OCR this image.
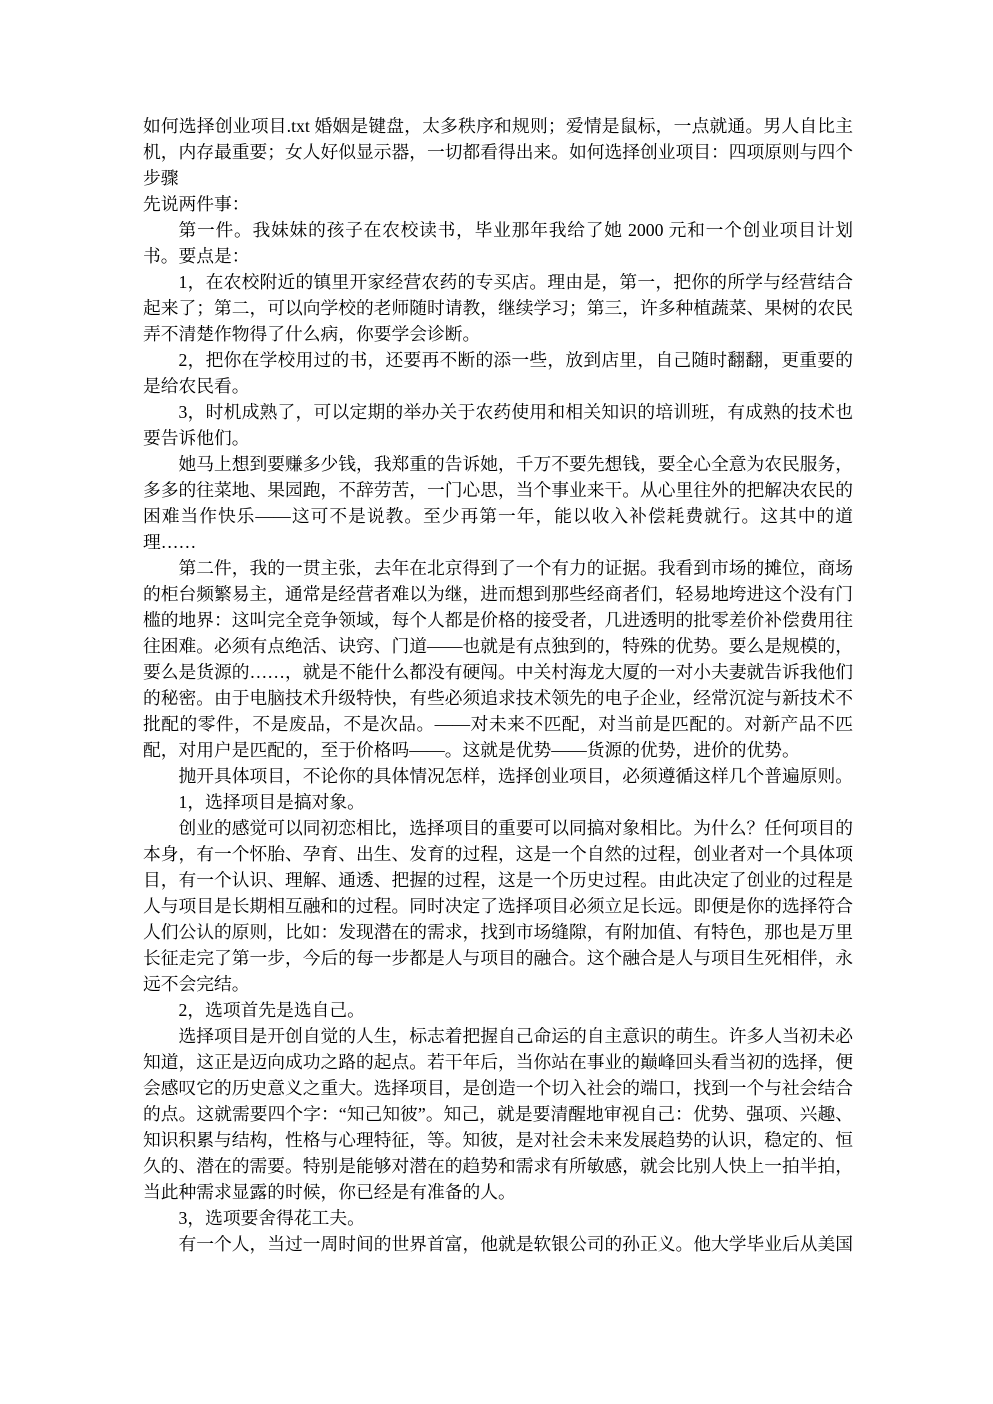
如何选择创业项目.txt 婚姻是键盘，太多秩序和规则；爱情是鼠标，一点就通。男人自比主机，内存最重要；女人好似显示器，一切都看得出来。如何选择创业项目：四项原则与四个步骤

先说两件事：

第一件。我妹妹的孩子在农校读书，毕业那年我给了她 2000 元和一个创业项目计划书。要点是：

1，在农校附近的镇里开家经营农药的专买店。理由是，第一，把你的所学与经营结合起来了；第二，可以向学校的老师随时请教，继续学习；第三，许多种植蔬菜、果树的农民弄不清楚作物得了什么病，你要学会诊断。

2，把你在学校用过的书，还要再不断的添一些，放到店里，自己随时翻翻，更重要的是给农民看。

3，时机成熟了，可以定期的举办关于农药使用和相关知识的培训班，有成熟的技术也要告诉他们。

她马上想到要赚多少钱，我郑重的告诉她，千万不要先想钱，要全心全意为农民服务，多多的往菜地、果园跑，不辞劳苦，一门心思，当个事业来干。从心里往外的把解决农民的困难当作快乐——这可不是说教。至少再第一年，能以收入补偿耗费就行。这其中的道理……

第二件，我的一贯主张，去年在北京得到了一个有力的证据。我看到市场的摊位，商场的柜台频繁易主，通常是经营者难以为继，进而想到那些经商者们，轻易地垮进这个没有门槛的地界：这叫完全竞争领域，每个人都是价格的接受者，几进透明的批零差价补偿费用往往困难。必须有点绝活、诀窍、门道——也就是有点独到的，特殊的优势。要么是规模的，要么是货源的……，就是不能什么都没有硬闯。中关村海龙大厦的一对小夫妻就告诉我他们的秘密。由于电脑技术升级特快，有些必须追求技术领先的电子企业，经常沉淀与新技术不批配的零件，不是废品，不是次品。——对未来不匹配，对当前是匹配的。对新产品不匹配，对用户是匹配的，至于价格吗——。这就是优势——货源的优势，进价的优势。

抛开具体项目，不论你的具体情况怎样，选择创业项目，必须遵循这样几个普遍原则。

1，选择项目是搞对象。

创业的感觉可以同初恋相比，选择项目的重要可以同搞对象相比。为什么？任何项目的本身，有一个怀胎、孕育、出生、发育的过程，这是一个自然的过程，创业者对一个具体项目，有一个认识、理解、通透、把握的过程，这是一个历史过程。由此决定了创业的过程是人与项目是长期相互融和的过程。同时决定了选择项目必须立足长远。即便是你的选择符合人们公认的原则，比如：发现潜在的需求，找到市场缝隙，有附加值、有特色，那也是万里长征走完了第一步，今后的每一步都是人与项目的融合。这个融合是人与项目生死相伴，永远不会完结。

2，选项首先是选自己。

选择项目是开创自觉的人生，标志着把握自己命运的自主意识的萌生。许多人当初未必知道，这正是迈向成功之路的起点。若干年后，当你站在事业的巅峰回头看当初的选择，便会感叹它的历史意义之重大。选择项目，是创造一个切入社会的端口，找到一个与社会结合的点。这就需要四个字：“知己知彼”。知己，就是要清醒地审视自己：优势、强项、兴趣、知识积累与结构，性格与心理特征，等。知彼，是对社会未来发展趋势的认识，稳定的、恒久的、潜在的需要。特别是能够对潜在的趋势和需求有所敏感，就会比别人快上一拍半拍，当此种需求显露的时候，你已经是有准备的人。

3，选项要舍得花工夫。

有一个人，当过一周时间的世界首富，他就是软银公司的孙正义。他大学毕业后从美国
